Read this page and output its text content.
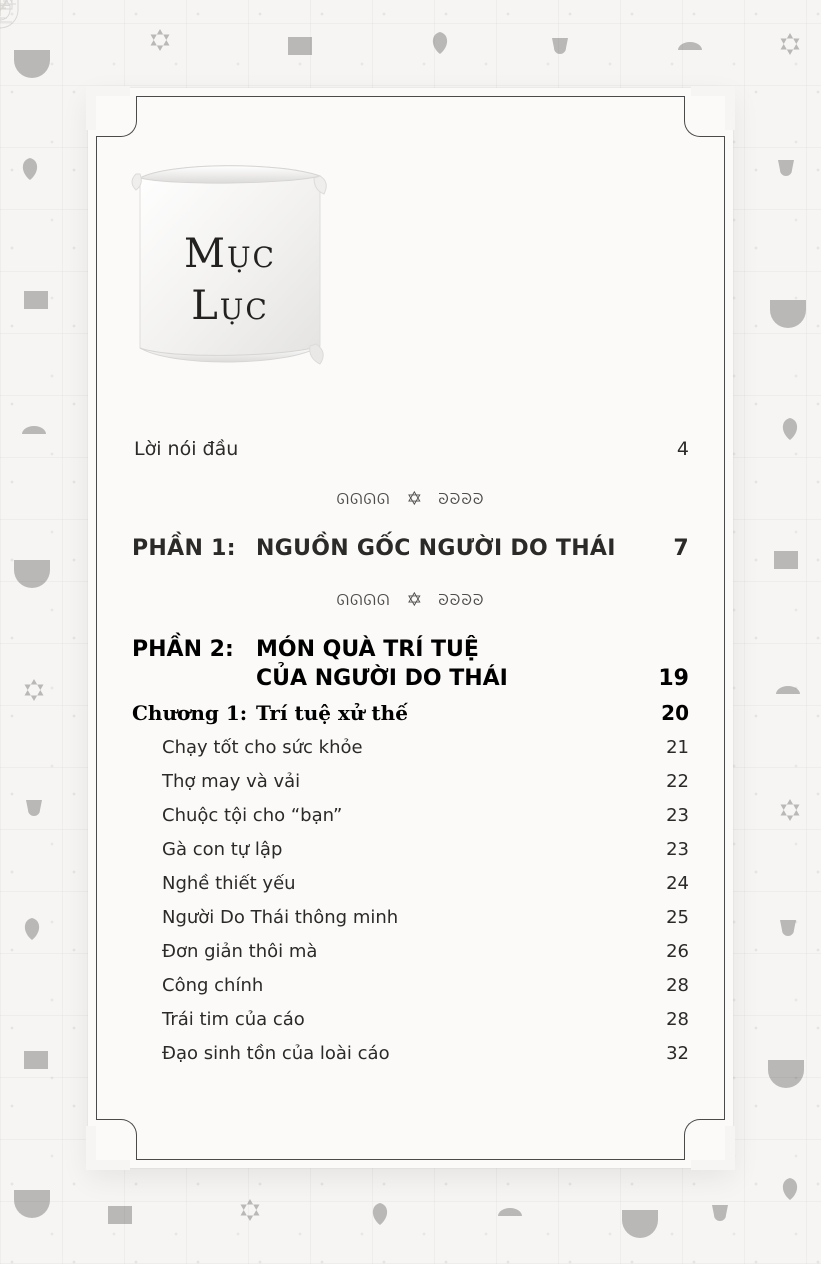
Mục
Lục
Lời nói đầu	4
ᘏᘏᘏᘏ ✡ ᘐᘐᘐᘐ
PHẦN 1: NGUỒN GỐC NGƯỜI DO THÁI	7
ᘏᘏᘏᘏ ✡ ᘐᘐᘐᘐ
PHẦN 2:	MÓN QUÀ TRÍ TUỆ
CỦA NGƯỜI DO THÁI	19
Chương 1: Trí tuệ xử thế	20
Chạy tốt cho sức khỏe	21
Thợ may và vải	22
Chuộc tội cho “bạn”	23
Gà con tự lập	23
Nghề thiết yếu	24
Người Do Thái thông minh	25
Đơn giản thôi mà	26
Công chính	28
Trái tim của cáo	28
Đạo sinh tồn của loài cáo	32
